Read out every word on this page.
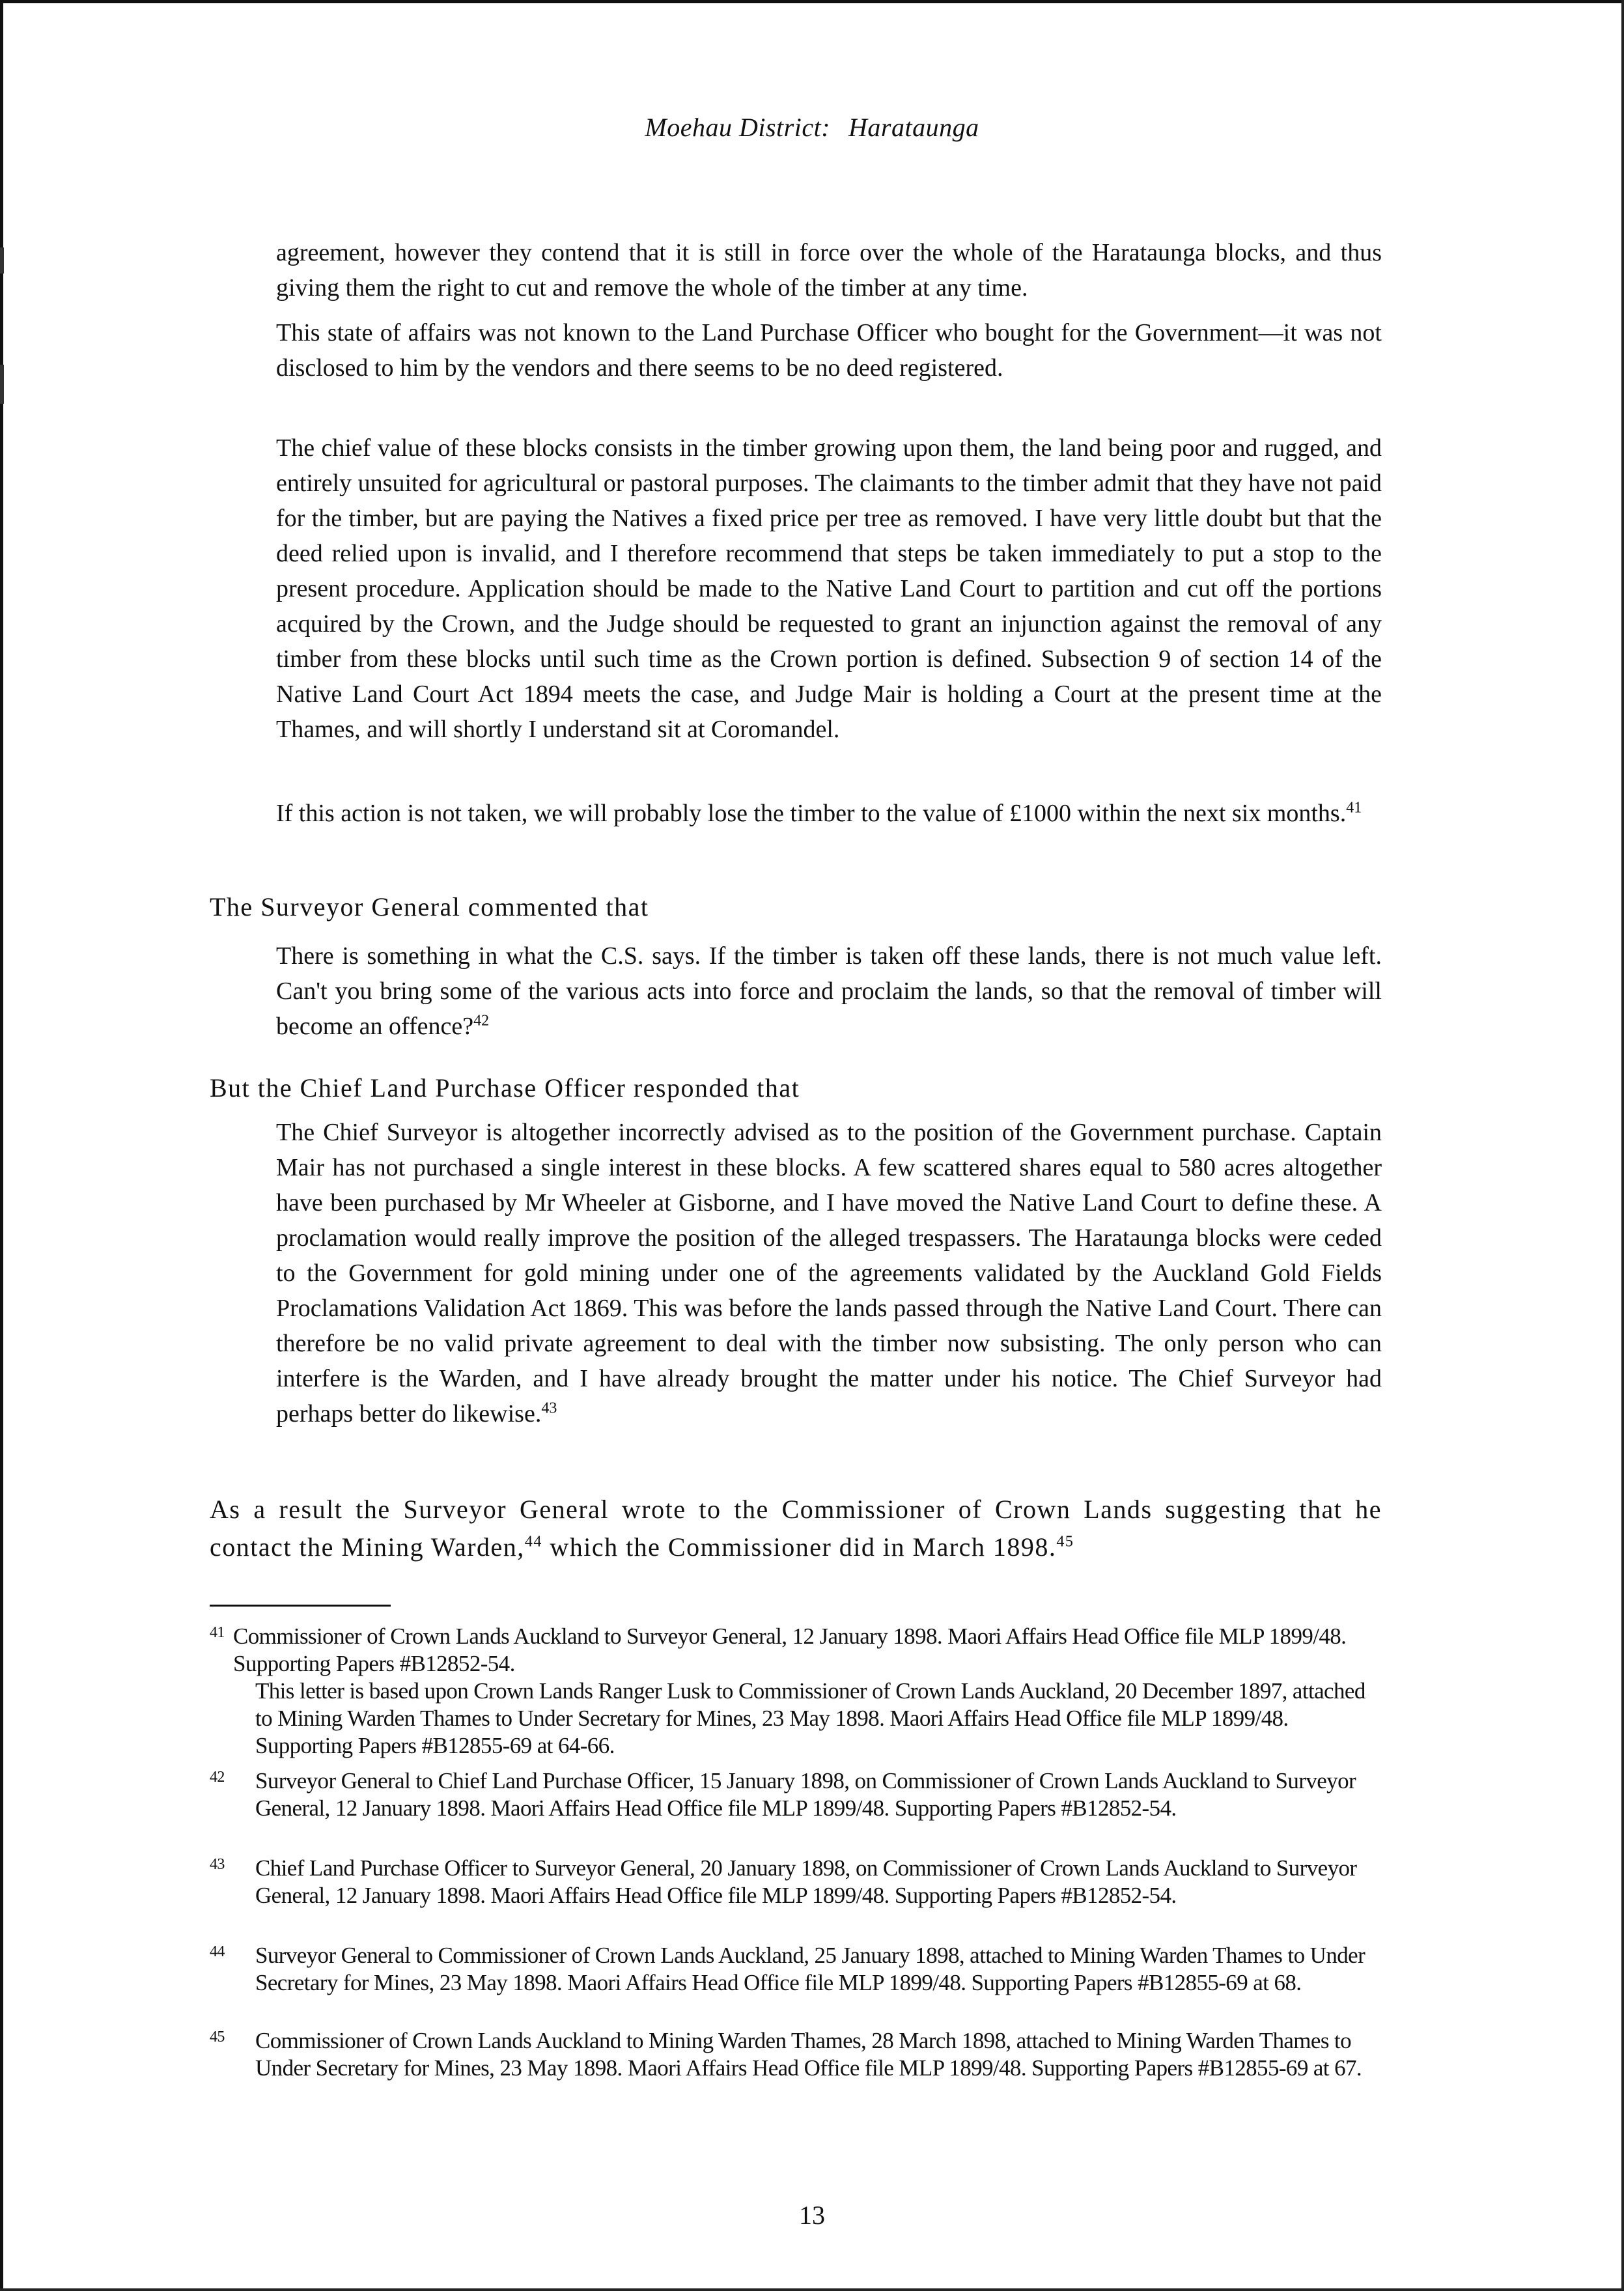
Moehau District: Harataunga
agreement, however they contend that it is still in force over the whole of the Harataunga blocks, and thus giving them the right to cut and remove the whole of the timber at any time.
This state of affairs was not known to the Land Purchase Officer who bought for the Government—it was not disclosed to him by the vendors and there seems to be no deed registered.
The chief value of these blocks consists in the timber growing upon them, the land being poor and rugged, and entirely unsuited for agricultural or pastoral purposes. The claimants to the timber admit that they have not paid for the timber, but are paying the Natives a fixed price per tree as removed. I have very little doubt but that the deed relied upon is invalid, and I therefore recommend that steps be taken immediately to put a stop to the present procedure. Application should be made to the Native Land Court to partition and cut off the portions acquired by the Crown, and the Judge should be requested to grant an injunction against the removal of any timber from these blocks until such time as the Crown portion is defined. Subsection 9 of section 14 of the Native Land Court Act 1894 meets the case, and Judge Mair is holding a Court at the present time at the Thames, and will shortly I understand sit at Coromandel.
If this action is not taken, we will probably lose the timber to the value of £1000 within the next six months.$^{41}$
The Surveyor General commented that
There is something in what the C.S. says. If the timber is taken off these lands, there is not much value left. Can't you bring some of the various acts into force and proclaim the lands, so that the removal of timber will become an offence?$^{42}$
But the Chief Land Purchase Officer responded that
The Chief Surveyor is altogether incorrectly advised as to the position of the Government purchase. Captain Mair has not purchased a single interest in these blocks. A few scattered shares equal to 580 acres altogether have been purchased by Mr Wheeler at Gisborne, and I have moved the Native Land Court to define these. A proclamation would really improve the position of the alleged trespassers. The Harataunga blocks were ceded to the Government for gold mining under one of the agreements validated by the Auckland Gold Fields Proclamations Validation Act 1869. This was before the lands passed through the Native Land Court. There can therefore be no valid private agreement to deal with the timber now subsisting. The only person who can interfere is the Warden, and I have already brought the matter under his notice. The Chief Surveyor had perhaps better do likewise.$^{43}$
As a result the Surveyor General wrote to the Commissioner of Crown Lands suggesting that he contact the Mining Warden,$^{44}$ which the Commissioner did in March 1898.45
41 Commissioner of Crown Lands Auckland to Surveyor General, 12 January 1898. Maori Affairs Head Office file MLP 1899/48. Supporting Papers #B12852-54.
This letter is based upon Crown Lands Ranger Lusk to Commissioner of Crown Lands Auckland, 20 December 1897, attached to Mining Warden Thames to Under Secretary for Mines, 23 May 1898. Maori Affairs Head Office file MLP 1899/48. Supporting Papers #B12855-69 at 64-66.
42 Surveyor General to Chief Land Purchase Officer, 15 January 1898, on Commissioner of Crown Lands Auckland to Surveyor General, 12 January 1898. Maori Affairs Head Office file MLP 1899/48. Supporting Papers #B12852-54.
43 Chief Land Purchase Officer to Surveyor General, 20 January 1898, on Commissioner of Crown Lands Auckland to Surveyor General, 12 January 1898. Maori Affairs Head Office file MLP 1899/48. Supporting Papers #B12852-54.
44 Surveyor General to Commissioner of Crown Lands Auckland, 25 January 1898, attached to Mining Warden Thames to Under Secretary for Mines, 23 May 1898. Maori Affairs Head Office file MLP 1899/48. Supporting Papers #B12855-69 at 68.
45 Commissioner of Crown Lands Auckland to Mining Warden Thames, 28 March 1898, attached to Mining Warden Thames to Under Secretary for Mines, 23 May 1898. Maori Affairs Head Office file MLP 1899/48. Supporting Papers #B12855-69 at 67.
13
